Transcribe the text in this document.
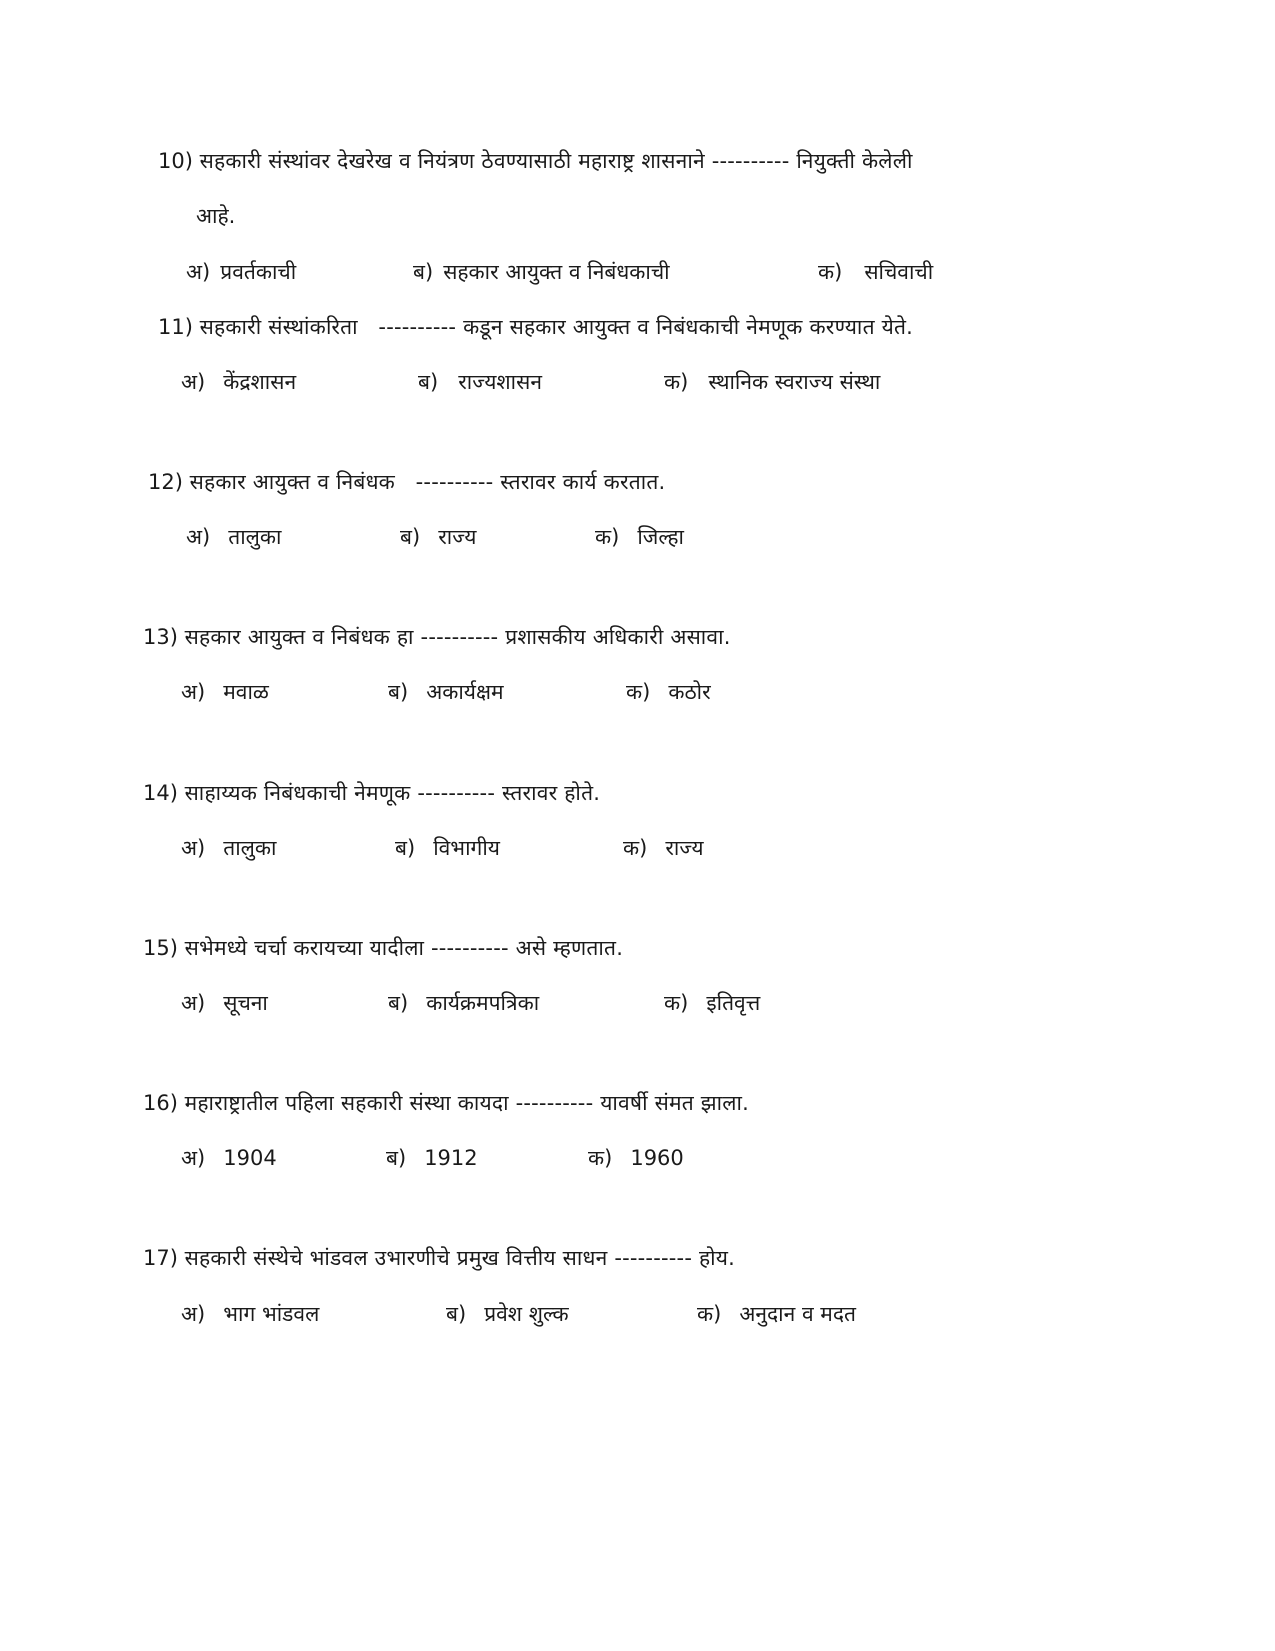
10) सहकारी संस्थांवर देखरेख व नियंत्रण ठेवण्यासाठी महाराष्ट्र शासनाने ---------- नियुक्ती केलेली
आहे.
अ) प्रवर्तकाची	ब) सहकार आयुक्त व निबंधकाची	क) सचिवाची
11) सहकारी संस्थांकरिता   ---------- कडून सहकार आयुक्त व निबंधकाची नेमणूक करण्यात येते.
अ) केंद्रशासन	ब) राज्यशासन	क) स्थानिक स्वराज्य संस्था
12) सहकार आयुक्त व निबंधक   ---------- स्तरावर कार्य करतात.
अ) तालुका	ब) राज्य	क) जिल्हा
13) सहकार आयुक्त व निबंधक हा ---------- प्रशासकीय अधिकारी असावा.
अ) मवाळ	ब) अकार्यक्षम	क) कठोर
14) साहाय्यक निबंधकाची नेमणूक ---------- स्तरावर होते.
अ) तालुका	ब) विभागीय	क) राज्य
15) सभेमध्ये चर्चा करायच्या यादीला ---------- असे म्हणतात.
अ) सूचना	ब) कार्यक्रमपत्रिका	क) इतिवृत्त
16) महाराष्ट्रातील पहिला सहकारी संस्था कायदा ---------- यावर्षी संमत झाला.
अ) 1904	ब) 1912	क) 1960
17) सहकारी संस्थेचे भांडवल उभारणीचे प्रमुख वित्तीय साधन ---------- होय.
अ) भाग भांडवल	ब) प्रवेश शुल्क	क) अनुदान व मदत
